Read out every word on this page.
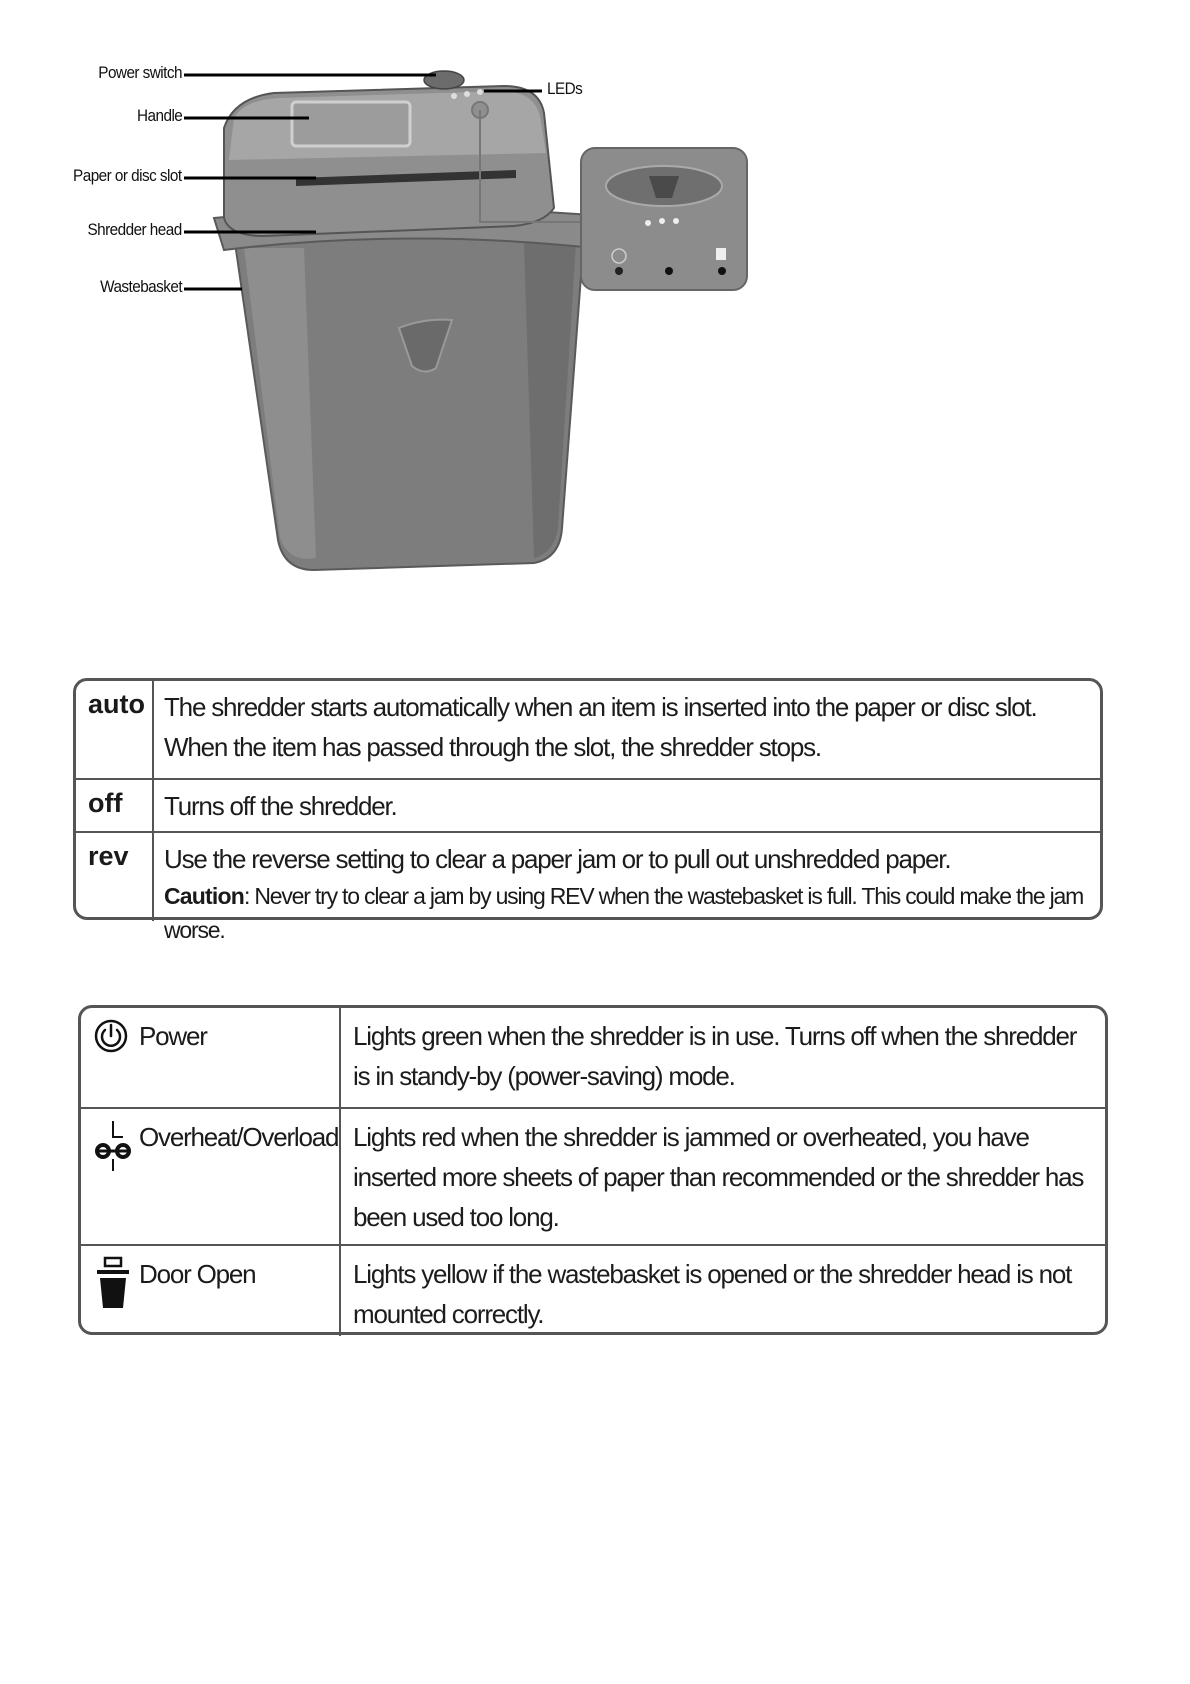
Power switch
Handle
Paper or disc slot
Shredder head
Wastebasket
LEDs
auto The shredder starts automatically when an item is inserted into the paper or disc slot. When the item has passed through the slot, the shredder stops.
off	Turns off the shredder.
rev	Use the reverse setting to clear a paper jam or to pull out unshredded paper.
Caution: Never try to clear a jam by using REV when the wastebasket is full. This could make the jam worse.
Power	Lights green when the shredder is in use. Turns off when the shredder is in standy-by (power-saving) mode.
Overheat/Overload Lights red when the shredder is jammed or overheated, you have inserted more sheets of paper than recommended or the shredder has been used too long.
Door Open	Lights yellow if the wastebasket is opened or the shredder head is not mounted correctly.
